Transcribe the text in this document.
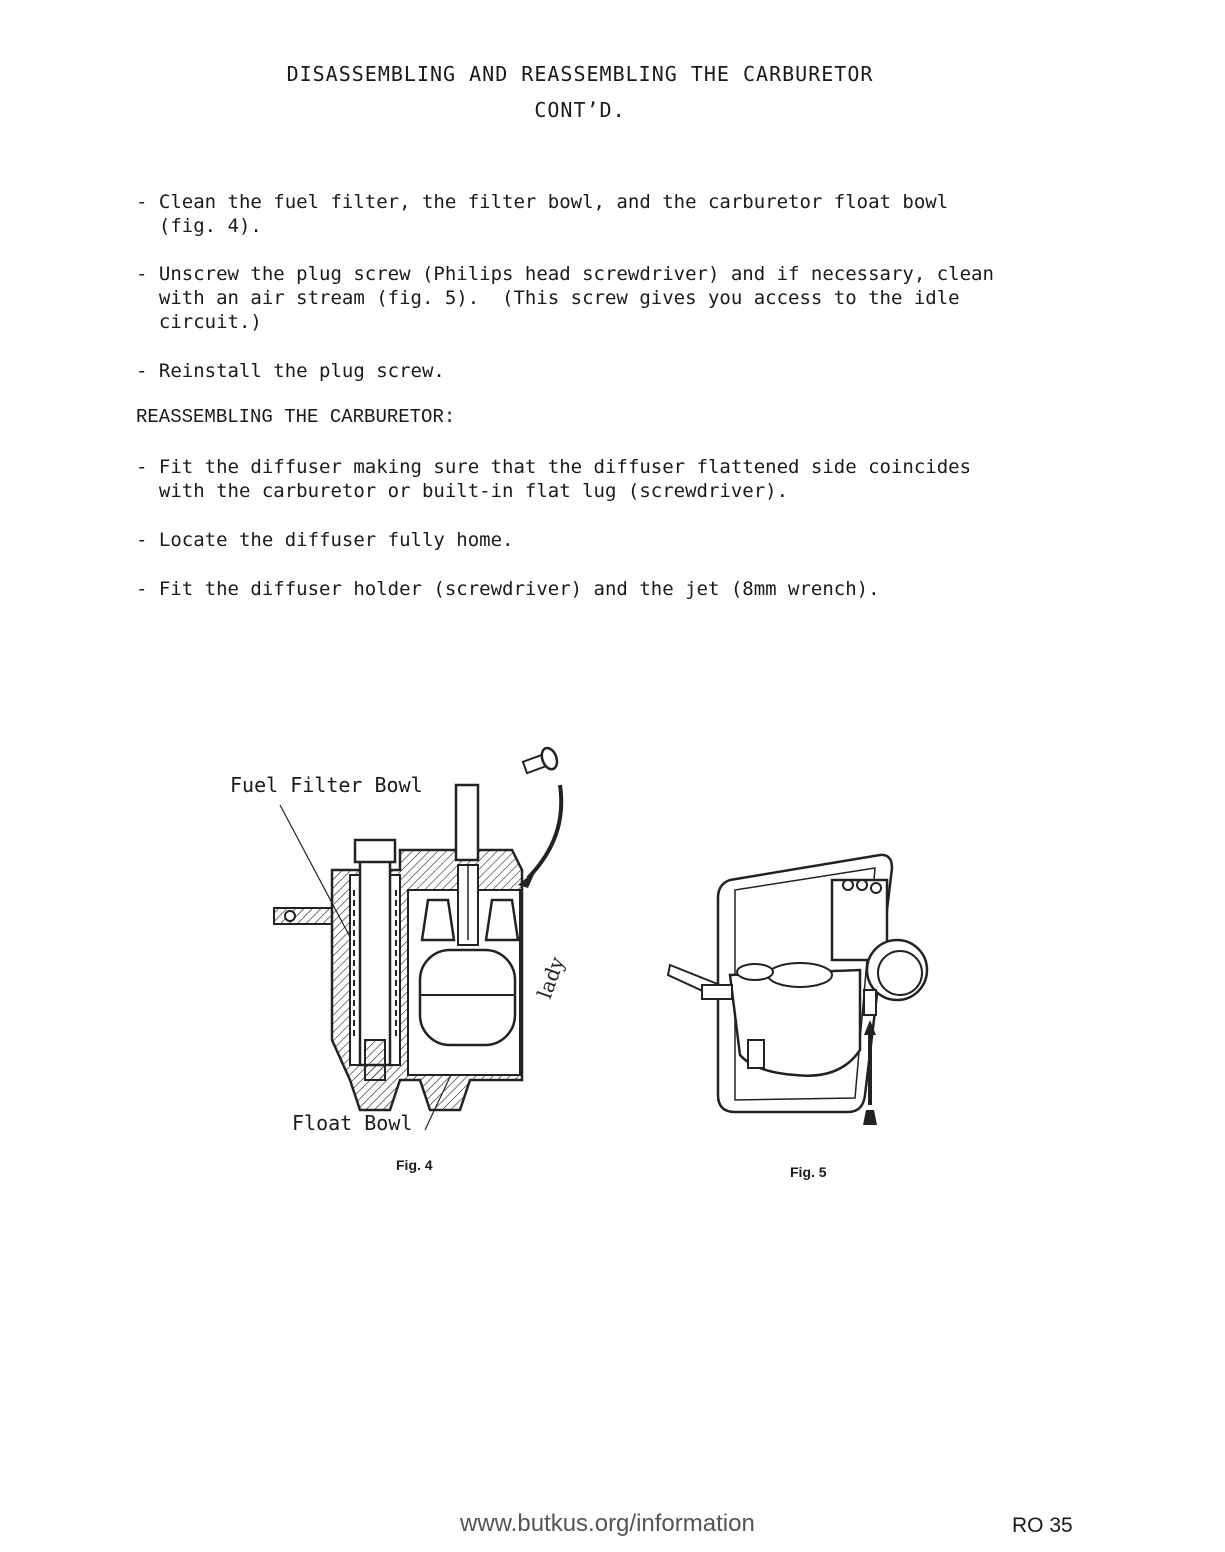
DISASSEMBLING AND REASSEMBLING THE CARBURETOR
CONT’D.
- Clean the fuel filter, the filter bowl, and the carburetor float bowl
(fig. 4).
- Unscrew the plug screw (Philips head screwdriver) and if necessary, clean
with an air stream (fig. 5).  (This screw gives you access to the idle
circuit.)
- Reinstall the plug screw.
REASSEMBLING THE CARBURETOR:
- Fit the diffuser making sure that the diffuser flattened side coincides
with the carburetor or built-in flat lug (screwdriver).
- Locate the diffuser fully home.
- Fit the diffuser holder (screwdriver) and the jet (8mm wrench).
Fuel Filter Bowl
Float Bowl
Fig. 4
lady
Fig. 5
www.butkus.org/information	RO 35
